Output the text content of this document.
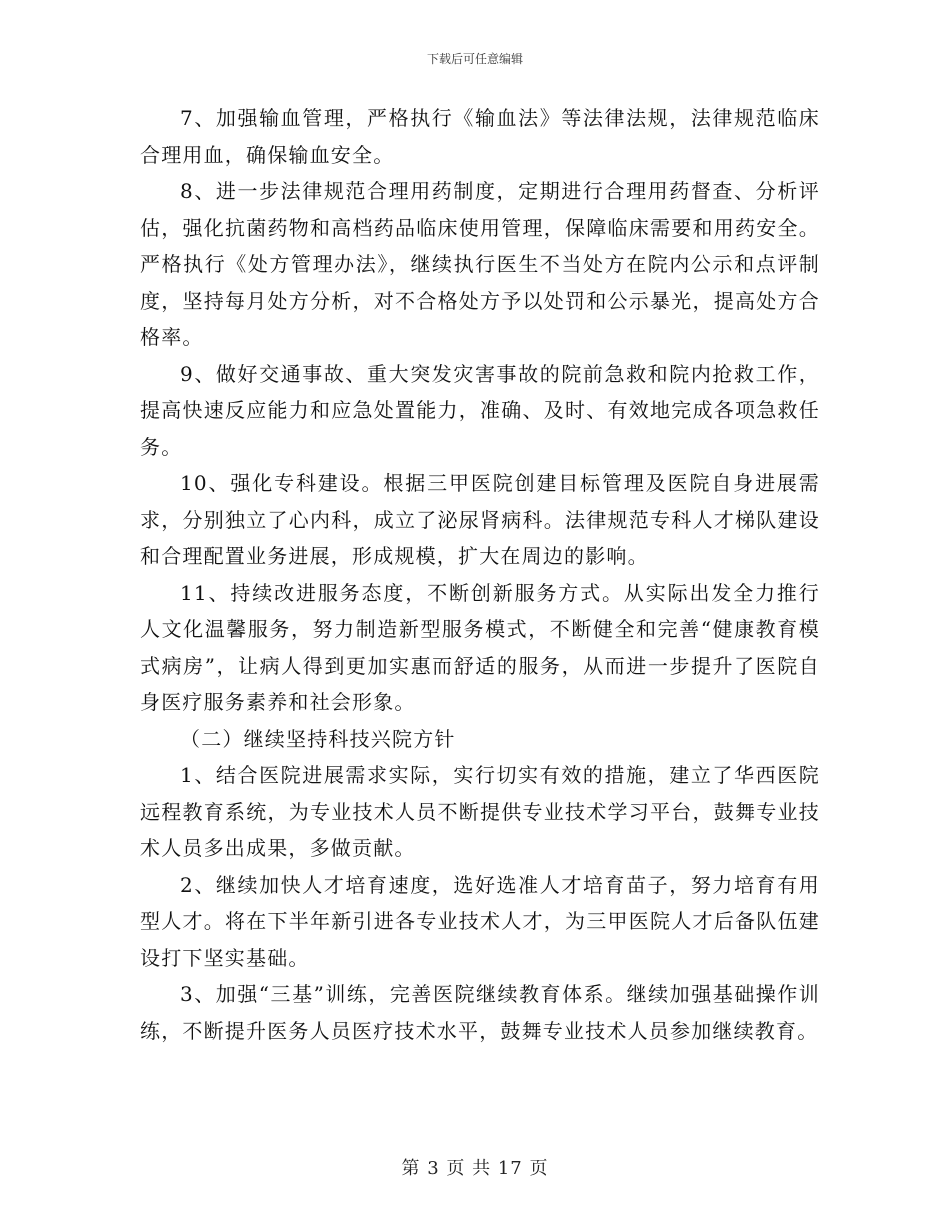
下载后可任意编辑

7、加强输血管理，严格执行《输血法》等法律法规，法律规范临床合理用血，确保输血安全。

8、进一步法律规范合理用药制度，定期进行合理用药督查、分析评估，强化抗菌药物和高档药品临床使用管理，保障临床需要和用药安全。严格执行《处方管理办法》，继续执行医生不当处方在院内公示和点评制度，坚持每月处方分析，对不合格处方予以处罚和公示暴光，提高处方合格率。

9、做好交通事故、重大突发灾害事故的院前急救和院内抢救工作，提高快速反应能力和应急处置能力，准确、及时、有效地完成各项急救任务。

10、强化专科建设。根据三甲医院创建目标管理及医院自身进展需求，分别独立了心内科，成立了泌尿肾病科。法律规范专科人才梯队建设和合理配置业务进展，形成规模，扩大在周边的影响。

11、持续改进服务态度，不断创新服务方式。从实际出发全力推行人文化温馨服务，努力制造新型服务模式，不断健全和完善“健康教育模式病房”，让病人得到更加实惠而舒适的服务，从而进一步提升了医院自身医疗服务素养和社会形象。

（二）继续坚持科技兴院方针

1、结合医院进展需求实际，实行切实有效的措施，建立了华西医院远程教育系统，为专业技术人员不断提供专业技术学习平台，鼓舞专业技术人员多出成果，多做贡献。

2、继续加快人才培育速度，选好选准人才培育苗子，努力培育有用型人才。将在下半年新引进各专业技术人才，为三甲医院人才后备队伍建设打下坚实基础。

3、加强“三基”训练，完善医院继续教育体系。继续加强基础操作训练，不断提升医务人员医疗技术水平，鼓舞专业技术人员参加继续教育。

第 3 页 共 17 页
